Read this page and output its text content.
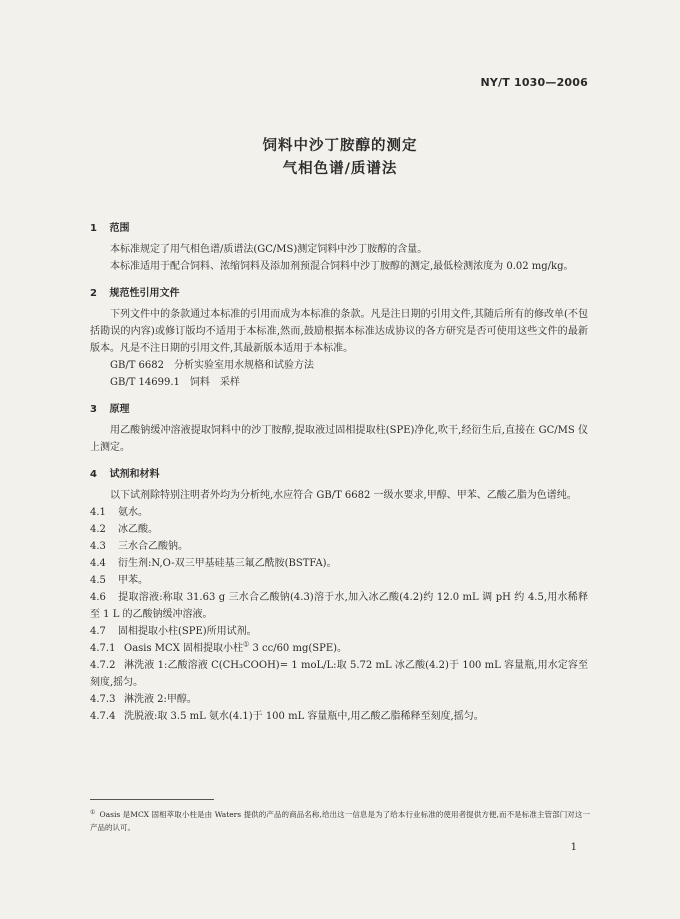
NY/T 1030—2006
饲料中沙丁胺醇的测定
气相色谱/质谱法
1 范围

本标准规定了用气相色谱/质谱法(GC/MS)测定饲料中沙丁胺醇的含量。

本标准适用于配合饲料、浓缩饲料及添加剂预混合饲料中沙丁胺醇的测定,最低检测浓度为 0.02 mg/kg。

2 规范性引用文件

下列文件中的条款通过本标准的引用而成为本标准的条款。凡是注日期的引用文件,其随后所有的修改单(不包括勘误的内容)或修订版均不适用于本标准,然而,鼓励根据本标准达成协议的各方研究是否可使用这些文件的最新版本。凡是不注日期的引用文件,其最新版本适用于本标准。

GB/T 6682　分析实验室用水规格和试验方法

GB/T 14699.1　饲料　采样

3 原理

用乙酸钠缓冲溶液提取饲料中的沙丁胺醇,提取液过固相提取柱(SPE)净化,吹干,经衍生后,直接在 GC/MS 仪上测定。

4 试剂和材料

以下试剂除特别注明者外均为分析纯,水应符合 GB/T 6682 一级水要求,甲醇、甲苯、乙酸乙脂为色谱纯。

4.1 氨水。

4.2 冰乙酸。

4.3 三水合乙酸钠。

4.4 衍生剂:N,O-双三甲基硅基三氟乙酰胺(BSTFA)。

4.5 甲苯。

4.6 提取溶液:称取 31.63 g 三水合乙酸钠(4.3)溶于水,加入冰乙酸(4.2)约 12.0 mL 调 pH 约 4.5,用水稀释至 1 L 的乙酸钠缓冲溶液。

4.7 固相提取小柱(SPE)所用试剂。

4.7.1 Oasis MCX 固相提取小柱① 3 cc/60 mg(SPE)。

4.7.2 淋洗液 1:乙酸溶液 C(CH₃COOH)= 1 moL/L:取 5.72 mL 冰乙酸(4.2)于 100 mL 容量瓶,用水定容至刻度,摇匀。

4.7.3 淋洗液 2:甲醇。

4.7.4 洗脱液:取 3.5 mL 氨水(4.1)于 100 mL 容量瓶中,用乙酸乙脂稀释至刻度,摇匀。

① Oasis 是MCX 固相萃取小柱是由 Waters 提供的产品的商品名称,给出这一信息是为了给本行业标准的使用者提供方便,而不是标准主管部门对这一产品的认可。
1
